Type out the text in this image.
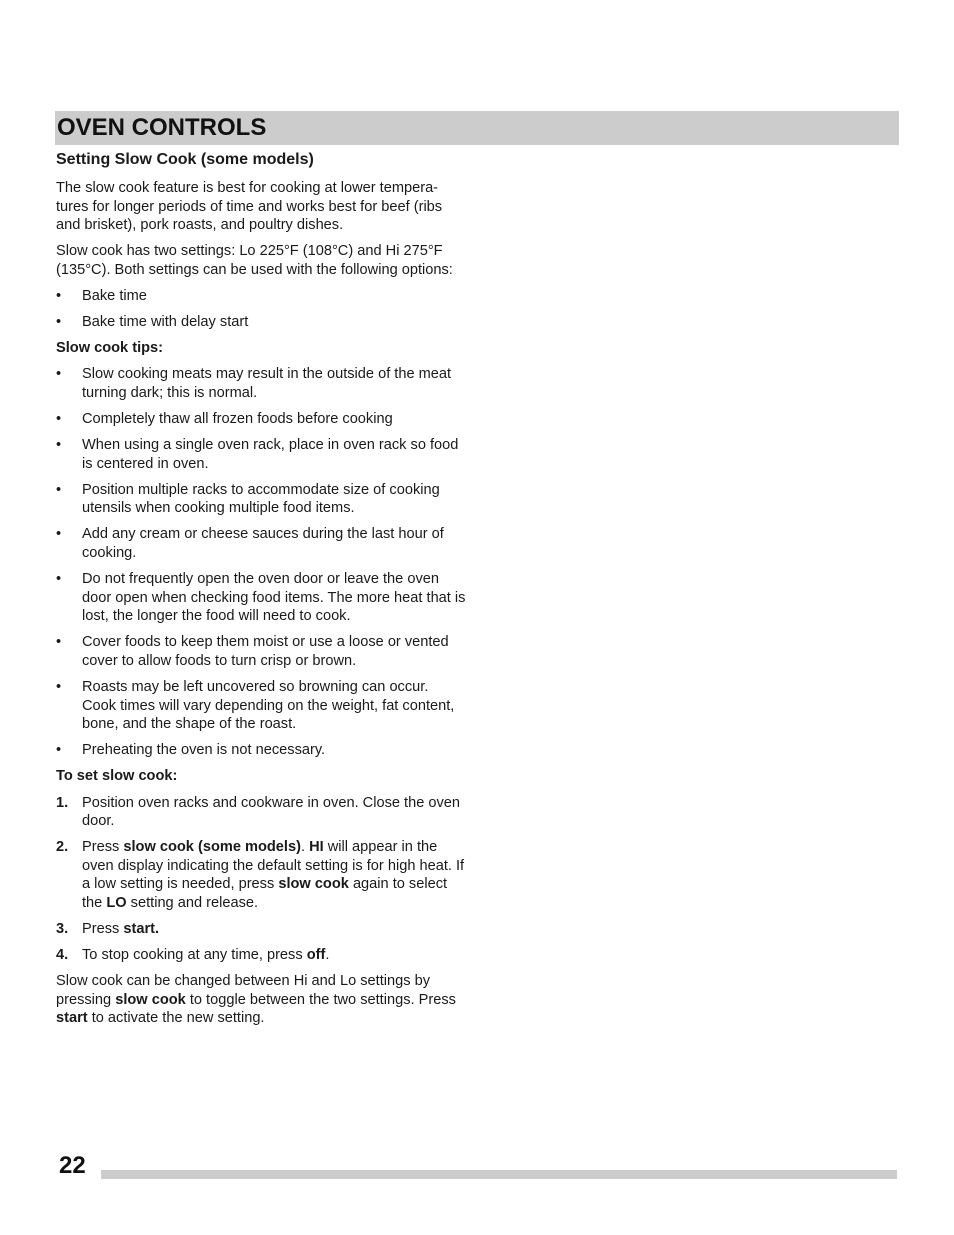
OVEN CONTROLS
Setting Slow Cook (some models)

The slow cook feature is best for cooking at lower tempera-tures for longer periods of time and works best for beef (ribs and brisket), pork roasts, and poultry dishes.

Slow cook has two settings: Lo 225°F (108°C) and Hi 275°F (135°C). Both settings can be used with the following options:

• Bake time
• Bake time with delay start
Slow cook tips:
• Slow cooking meats may result in the outside of the meat turning dark; this is normal.
• Completely thaw all frozen foods before cooking
• When using a single oven rack, place in oven rack so food is centered in oven.
• Position multiple racks to accommodate size of cooking utensils when cooking multiple food items.
• Add any cream or cheese sauces during the last hour of cooking.
• Do not frequently open the oven door or leave the oven door open when checking food items. The more heat that is lost, the longer the food will need to cook.
• Cover foods to keep them moist or use a loose or vented cover to allow foods to turn crisp or brown.
• Roasts may be left uncovered so browning can occur. Cook times will vary depending on the weight, fat content, bone, and the shape of the roast.
• Preheating the oven is not necessary.
To set slow cook:
1. Position oven racks and cookware in oven. Close the oven door.
2. Press slow cook (some models). HI will appear in the oven display indicating the default setting is for high heat. If a low setting is needed, press slow cook again to select the LO setting and release.
3. Press start.
4. To stop cooking at any time, press off.

Slow cook can be changed between Hi and Lo settings by pressing slow cook to toggle between the two settings. Press start to activate the new setting.

22
